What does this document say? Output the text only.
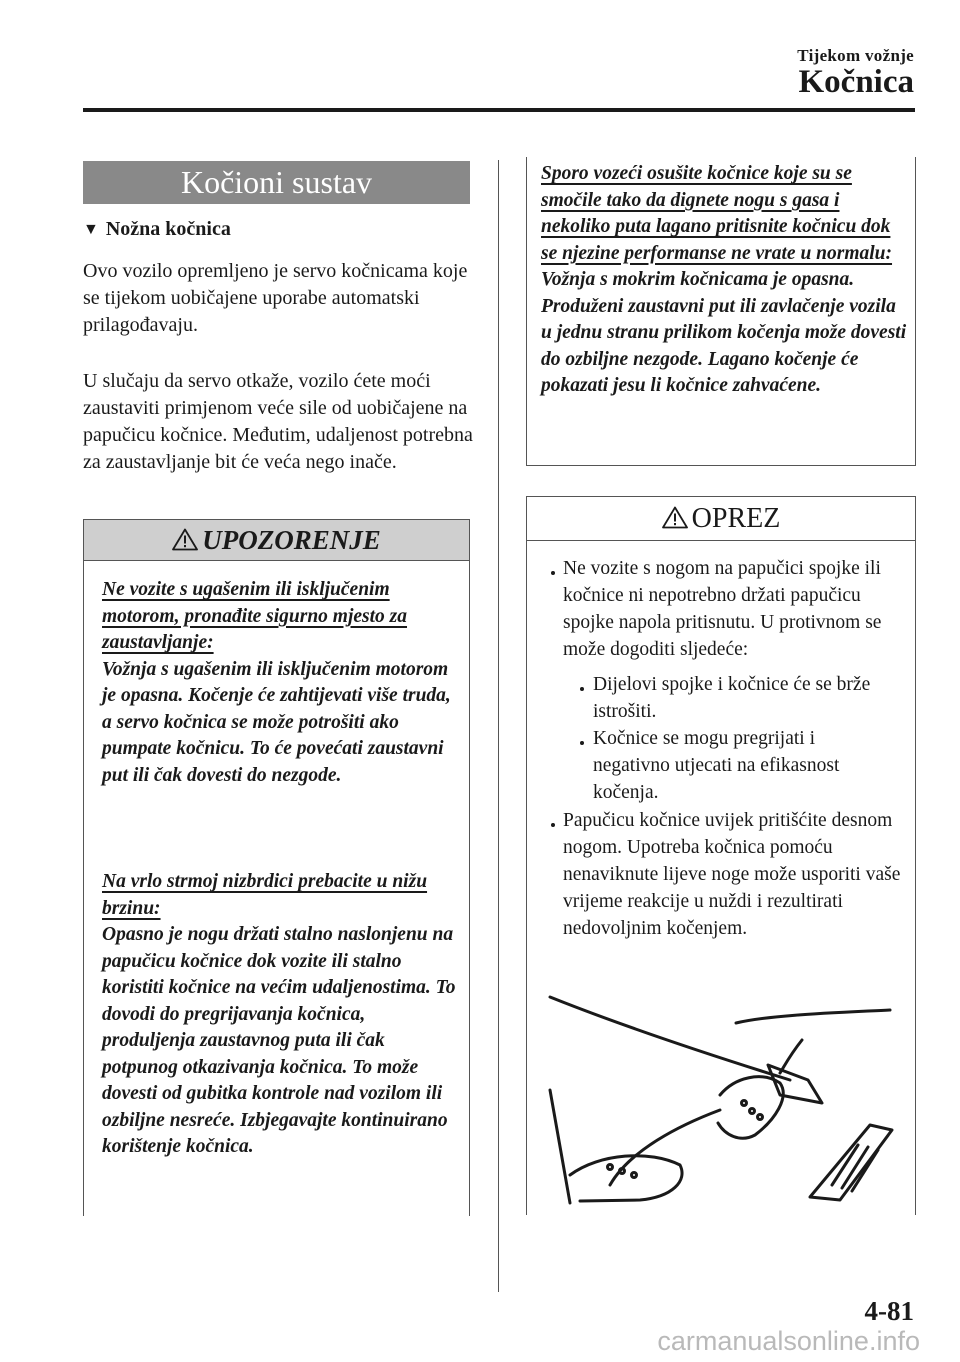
Tijekom vožnje
Kočnica
Kočioni sustav
▼ Nožna kočnica
Ovo vozilo opremljeno je servo kočnicama koje se tijekom uobičajene uporabe automatski prilagođavaju.
U slučaju da servo otkaže, vozilo ćete moći zaustaviti primjenom veće sile od uobičajene na papučicu kočnice. Međutim, udaljenost potrebna za zaustavljanje bit će veća nego inače.
UPOZORENJE
Ne vozite s ugašenim ili isključenim motorom, pronađite sigurno mjesto za zaustavljanje:
Vožnja s ugašenim ili isključenim motorom je opasna. Kočenje će zahtijevati više truda, a servo kočnica se može potrošiti ako pumpate kočnicu. To će povećati zaustavni put ili čak dovesti do nezgode.
Na vrlo strmoj nizbrdici prebacite u nižu brzinu:
Opasno je nogu držati stalno naslonjenu na papučicu kočnice dok vozite ili stalno koristiti kočnice na većim udaljenostima. To dovodi do pregrijavanja kočnica, produljenja zaustavnog puta ili čak potpunog otkazivanja kočnica. To može dovesti od gubitka kontrole nad vozilom ili ozbiljne nesreće. Izbjegavajte kontinuirano korištenje kočnica.
Sporo vozeći osušite kočnice koje su se smočile tako da dignete nogu s gasa i nekoliko puta lagano pritisnite kočnicu dok se njezine performanse ne vrate u normalu:
Vožnja s mokrim kočnicama je opasna. Produženi zaustavni put ili zavlačenje vozila u jednu stranu prilikom kočenja može dovesti do ozbiljne nezgode. Lagano kočenje će pokazati jesu li kočnice zahvaćene.
OPREZ
Ne vozite s nogom na papučici spojke ili kočnice ni nepotrebno držati papučicu spojke napola pritisnutu. U protivnom se može dogoditi sljedeće:
Dijelovi spojke i kočnice će se brže istrošiti.
Kočnice se mogu pregrijati i negativno utjecati na efikasnost kočenja.
Papučicu kočnice uvijek pritišćite desnom nogom. Upotreba kočnica pomoću nenaviknute lijeve noge može usporiti vaše vrijeme reakcije u nuždi i rezultirati nedovoljnim kočenjem.
4-81
carmanualsonline.info
